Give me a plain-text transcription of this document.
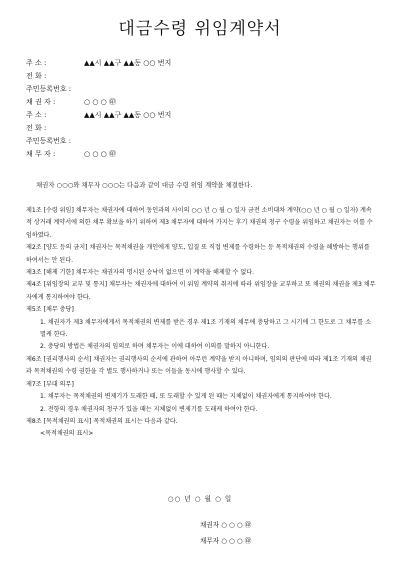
대금수령 위임계약서
주 소 :	▲▲시 ▲▲구 ▲▲동 ○○ 번지
전 화 :
주민등록번호 :
채 권 자 :	○ ○ ○ ㊞
주 소 :	▲▲시 ▲▲구 ▲▲동 ○○ 번지
전 화 :
주민등록번호 :
채 무 자 :	○ ○ ○ ㊞
채권자 ○○○와 채무자 ○○○는 다음과 같이 대금 수령 위임 계약을 체결한다.
제1조 [수령 위임] 채무자는 채권자에 대하여 동인과의 사이의 ○○ 년 ○ 월 ○ 일자 금전 소비대차 계약(○○ 년 ○ 월 ○ 일자) 계속적 상거래 계약서에 의한 채무 확보을 하기 위하여 제3 채무자에 대하여 가지는 후기 채권의 청구 수령을 위임하고 채권자는 이를 수임하였다.
제2조 [양도 등의 금지] 채권자는 목적채권을 개인에게 양도, 입질 또 직접 변제를 수령하는 등 목적채권의 수령을 해방하는 행위를 하여서는 안 된다.
제3조 [해제 기한] 채무자는 채권자의 명시된 승낙이 없으면 이 계약을 해제할 수 없다.
제4조 [위임장의 교부 및 통지] 채무자는 채권자에 대하여 이 위임 계약의 취지에 따라 위임장을 교부하고 또 채권의 채권을 제3 채무자에게 통지하여야 한다.
제5조 [채무 충당]
1. 채권자가 제3 채무자에게서 목적채권의 변제를 받은 경우 제1조 기재의 채무에 충당하고 그 시기에 그 한도로 그 채무를 소멸케 한다.
2. 충당의 방법은 채권자의 임의로 하며 채무자는 이에 대하여 이의를 말하지 아니한다.
제6조 [권리행사의 순서] 채권자는 권리행사의 순서에 관하여 아무런 계약을 받지 아니하며, 임의의 판단에 따라 제1조 기재의 채권과 목적채권의 수령 권한을 각 별도 행사하거나 또는 이들을 동시에 행사할 수 있다.
제7조 [부대 의무]
1. 채무자는 목적채권의 변제기가 도래한 때, 또 도래할 수 있게 된 때는 지체없이 채권자에게 통지하여야 한다.
2. 전항의 경우 채권자의 청구가 있을 때는 지체없이 변제기를 도래케 하여야 한다.
제8조 [목적채권의 표시] 목적채권의 표시는 다음과 같다.
<목적채권의 표시>
○○ 년 ○ 월 ○ 일
채권자 ○ ○ ○ ㊞
채무자 ○ ○ ○ ㊞
